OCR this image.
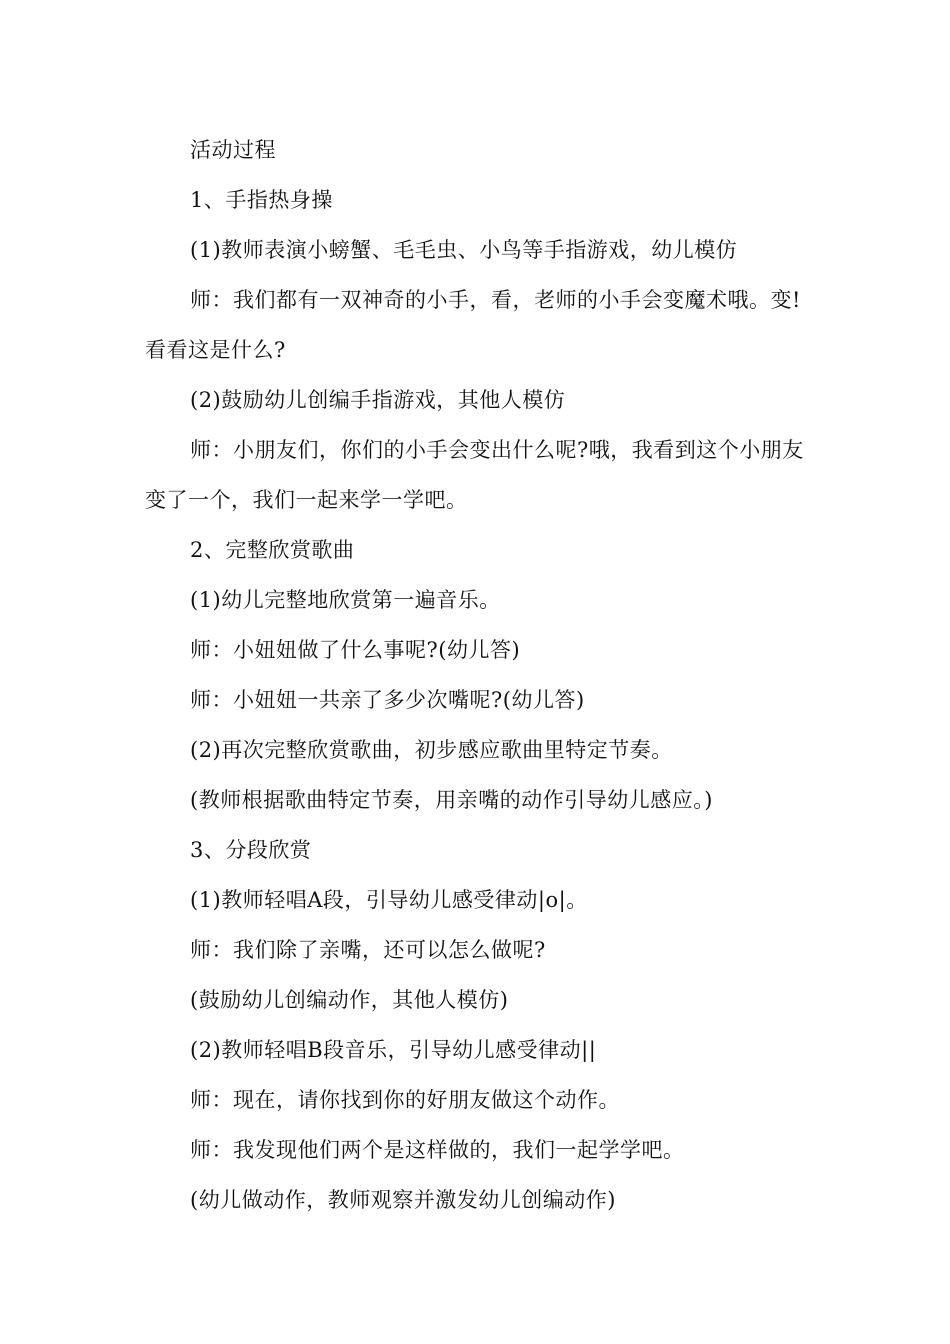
活动过程

1、手指热身操

(1)教师表演小螃蟹、毛毛虫、小鸟等手指游戏，幼儿模仿

师：我们都有一双神奇的小手，看，老师的小手会变魔术哦。变!看看这是什么?

(2)鼓励幼儿创编手指游戏，其他人模仿

师：小朋友们，你们的小手会变出什么呢?哦，我看到这个小朋友变了一个，我们一起来学一学吧。

2、完整欣赏歌曲

(1)幼儿完整地欣赏第一遍音乐。

师：小妞妞做了什么事呢?(幼儿答)

师：小妞妞一共亲了多少次嘴呢?(幼儿答)

(2)再次完整欣赏歌曲，初步感应歌曲里特定节奏。

(教师根据歌曲特定节奏，用亲嘴的动作引导幼儿感应。)

3、分段欣赏

(1)教师轻唱A段，引导幼儿感受律动|o|。

师：我们除了亲嘴，还可以怎么做呢?

(鼓励幼儿创编动作，其他人模仿)

(2)教师轻唱B段音乐，引导幼儿感受律动||

师：现在，请你找到你的好朋友做这个动作。

师：我发现他们两个是这样做的，我们一起学学吧。

(幼儿做动作，教师观察并激发幼儿创编动作)
